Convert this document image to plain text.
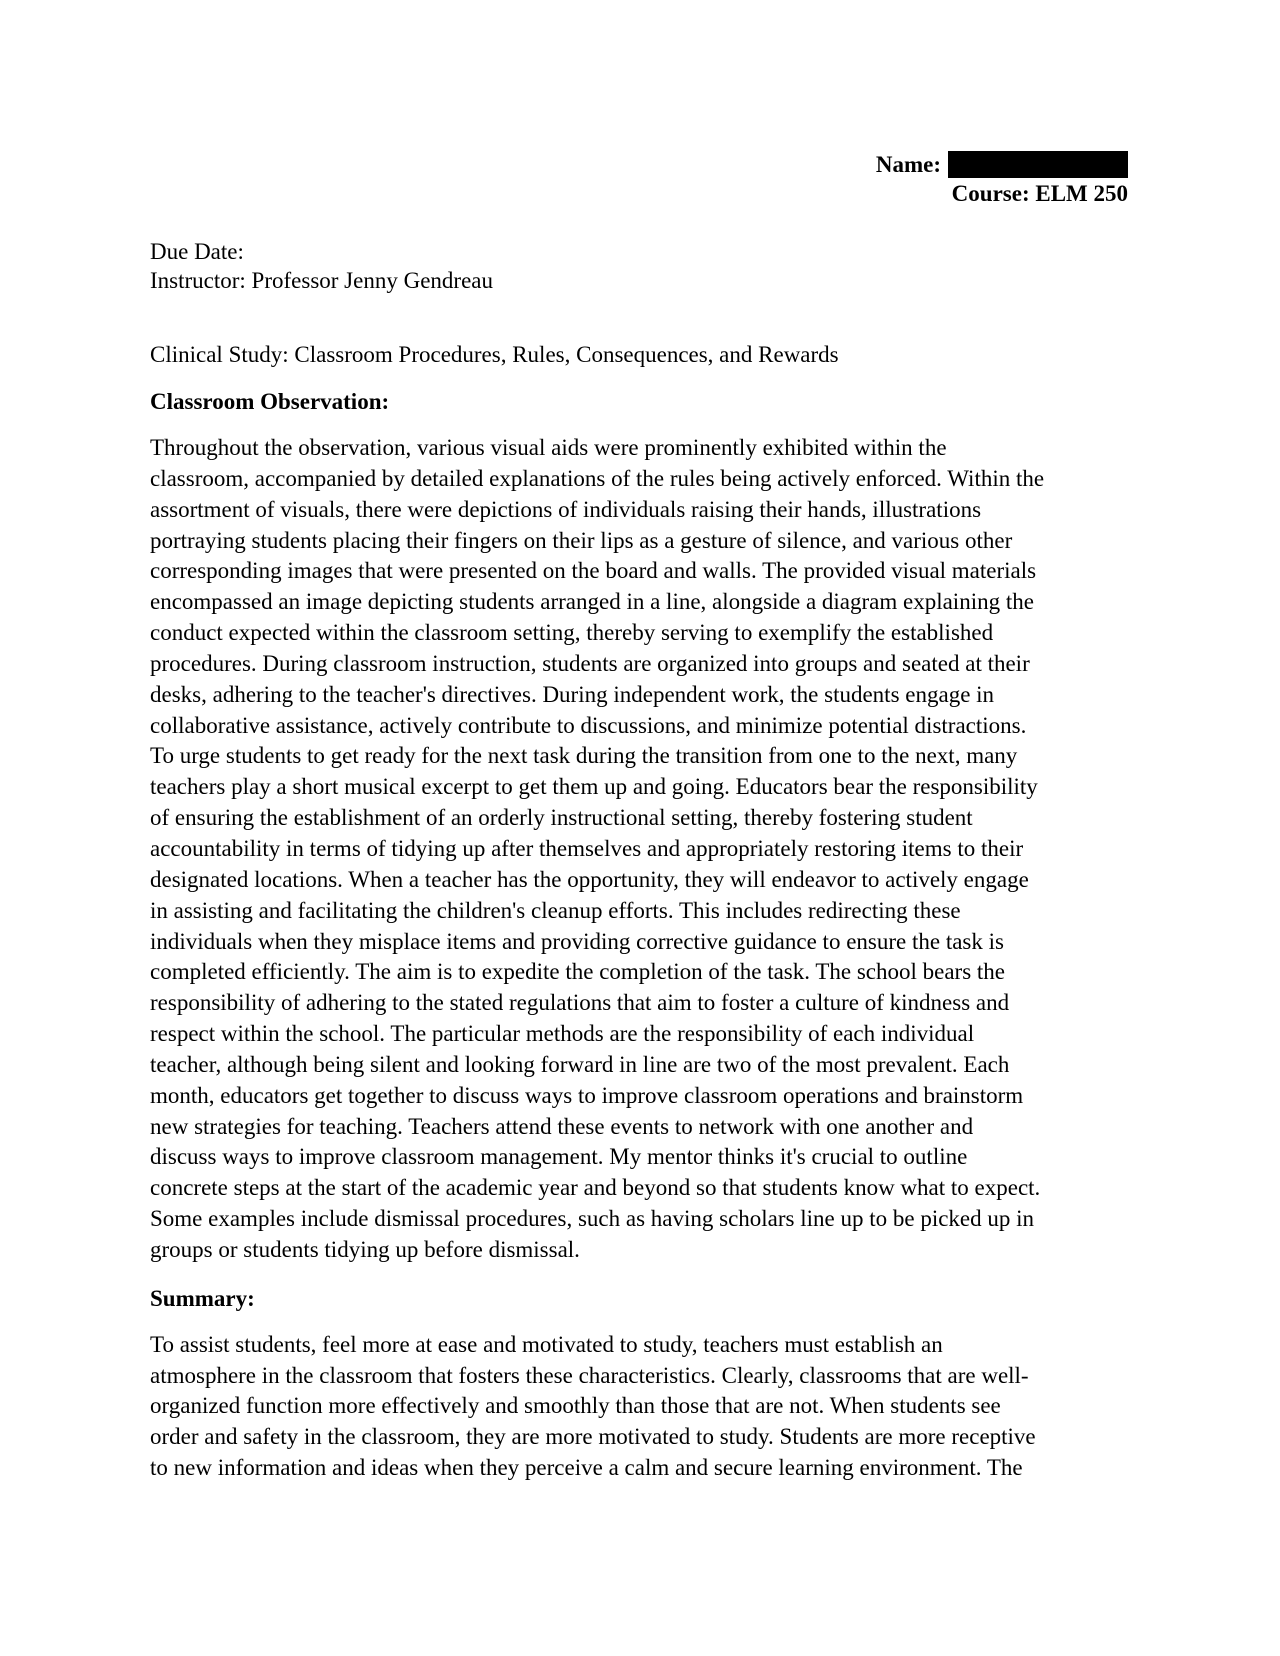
Name:
Course: ELM 250
Due Date:
Instructor: Professor Jenny Gendreau
Clinical Study: Classroom Procedures, Rules, Consequences, and Rewards
Classroom Observation:
Throughout the observation, various visual aids were prominently exhibited within the
classroom, accompanied by detailed explanations of the rules being actively enforced. Within the
assortment of visuals, there were depictions of individuals raising their hands, illustrations
portraying students placing their fingers on their lips as a gesture of silence, and various other
corresponding images that were presented on the board and walls. The provided visual materials
encompassed an image depicting students arranged in a line, alongside a diagram explaining the
conduct expected within the classroom setting, thereby serving to exemplify the established
procedures. During classroom instruction, students are organized into groups and seated at their
desks, adhering to the teacher's directives. During independent work, the students engage in
collaborative assistance, actively contribute to discussions, and minimize potential distractions.
To urge students to get ready for the next task during the transition from one to the next, many
teachers play a short musical excerpt to get them up and going. Educators bear the responsibility
of ensuring the establishment of an orderly instructional setting, thereby fostering student
accountability in terms of tidying up after themselves and appropriately restoring items to their
designated locations. When a teacher has the opportunity, they will endeavor to actively engage
in assisting and facilitating the children's cleanup efforts. This includes redirecting these
individuals when they misplace items and providing corrective guidance to ensure the task is
completed efficiently. The aim is to expedite the completion of the task. The school bears the
responsibility of adhering to the stated regulations that aim to foster a culture of kindness and
respect within the school. The particular methods are the responsibility of each individual
teacher, although being silent and looking forward in line are two of the most prevalent. Each
month, educators get together to discuss ways to improve classroom operations and brainstorm
new strategies for teaching. Teachers attend these events to network with one another and
discuss ways to improve classroom management. My mentor thinks it's crucial to outline
concrete steps at the start of the academic year and beyond so that students know what to expect.
Some examples include dismissal procedures, such as having scholars line up to be picked up in
groups or students tidying up before dismissal.
Summary:
To assist students, feel more at ease and motivated to study, teachers must establish an
atmosphere in the classroom that fosters these characteristics. Clearly, classrooms that are well-
organized function more effectively and smoothly than those that are not. When students see
order and safety in the classroom, they are more motivated to study. Students are more receptive
to new information and ideas when they perceive a calm and secure learning environment. The
